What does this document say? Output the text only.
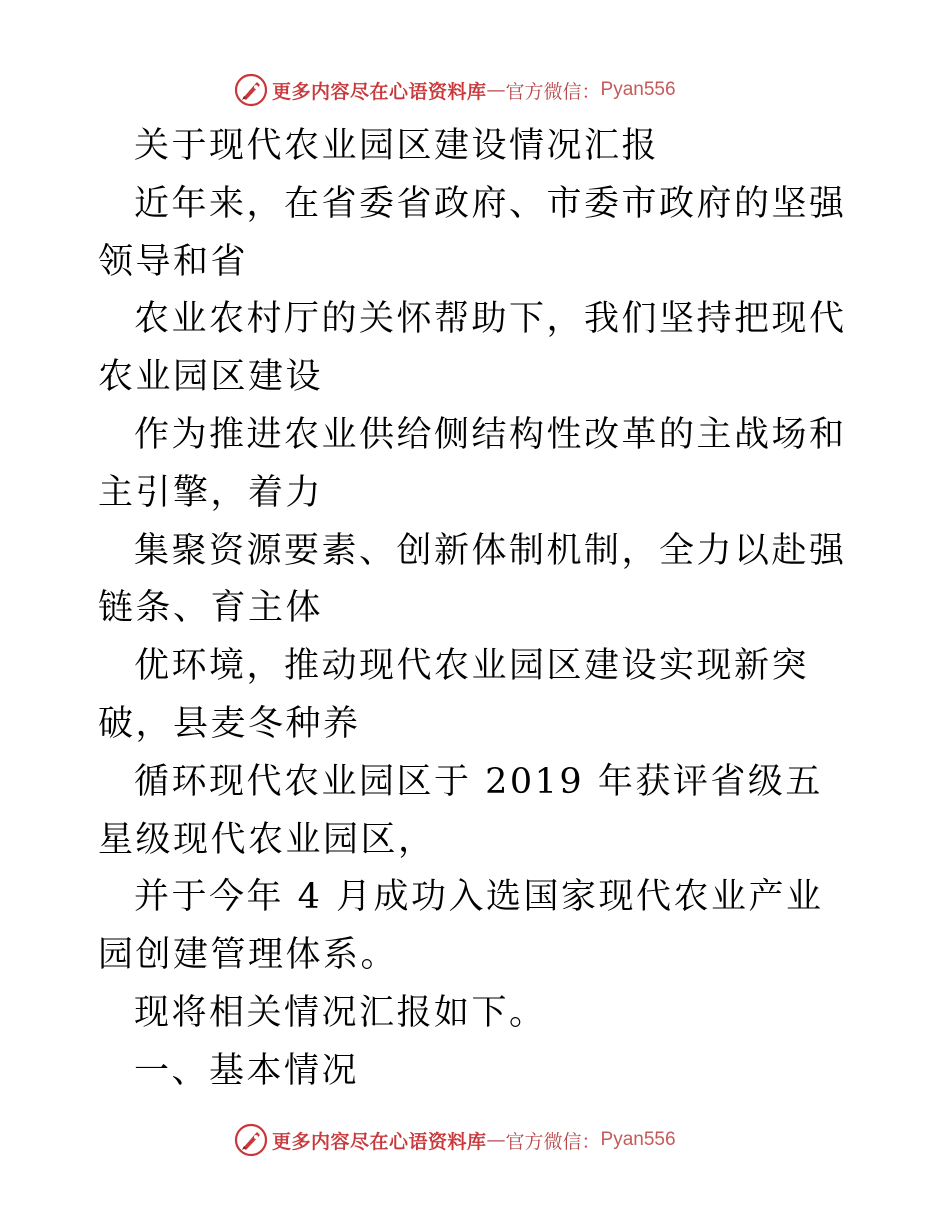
更多内容尽在心语资料库 — 官方微信： Pyan556

关于现代农业园区建设情况汇报

近年来，在省委省政府、市委市政府的坚强领导和省

农业农村厅的关怀帮助下，我们坚持把现代农业园区建设

作为推进农业供给侧结构性改革的主战场和主引擎，着力

集聚资源要素、创新体制机制，全力以赴强链条、育主体

优环境，推动现代农业园区建设实现新突破，县麦冬种养

循环现代农业园区于 2019 年获评省级五星级现代农业园区，

并于今年 4 月成功入选国家现代农业产业园创建管理体系。

现将相关情况汇报如下。

一、基本情况

更多内容尽在心语资料库 — 官方微信： Pyan556
